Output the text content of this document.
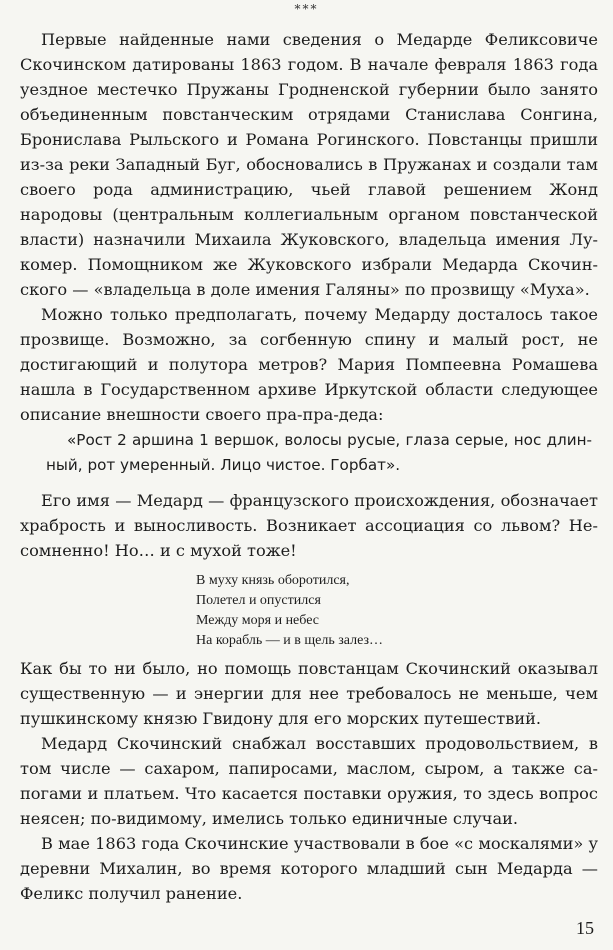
***

Первые найденные нами сведения о Медарде Феликсовиче Скочинском датированы 1863 годом. В начале февраля 1863 года уездное местечко Пружаны Гродненской губернии было занято объединенным повстанческим отрядами Станислава Сонгина, Брониславa Рыльского и Романа Рогинского. Повстанцы пришли из-за реки Западный Буг, обосновались в Пружанах и создали там своего рода администрацию, чьей главой решением Жонд народовы (центральным коллегиальным органом повстанческой власти) назначили Михаила Жуковского, владельца имения Лукомер. Помощником же Жуковского избрали Медарда Скочинского — «владельца в доле имения Галяны» по прозвищу «Муха».

Можно только предполагать, почему Медарду досталось такое прозвище. Возможно, за согбенную спину и малый рост, не достигающий и полутора метров? Мария Помпеевна Ромашева нашла в Государственном архиве Иркутской области следующее описание внешности своего пра-пра-деда:

«Рост 2 аршина 1 вершок, волосы русые, глаза серые, нос длинный, рот умеренный. Лицо чистое. Горбат».

Его имя — Медард — французского происхождения, обозначает храбрость и выносливость. Возникает ассоциация со львом? Несомненно! Но… и с мухой тоже!

В муху князь оборотился,
Полетел и опустился
Между моря и небес
На корабль — и в щель залез…

Как бы то ни было, но помощь повстанцам Скочинский оказывал существенную — и энергии для нее требовалось не меньше, чем пушкинскому князю Гвидону для его морских путешествий.

Медард Скочинский снабжал восставших продовольствием, в том числе — сахаром, папиросами, маслом, сыром, а также сапогами и платьем. Что касается поставки оружия, то здесь вопрос неясен; по-видимому, имелись только единичные случаи.

В мае 1863 года Скочинские участвовали в бое «с москалями» у деревни Михалин, во время которого младший сын Медарда — Феликс получил ранение.

15
